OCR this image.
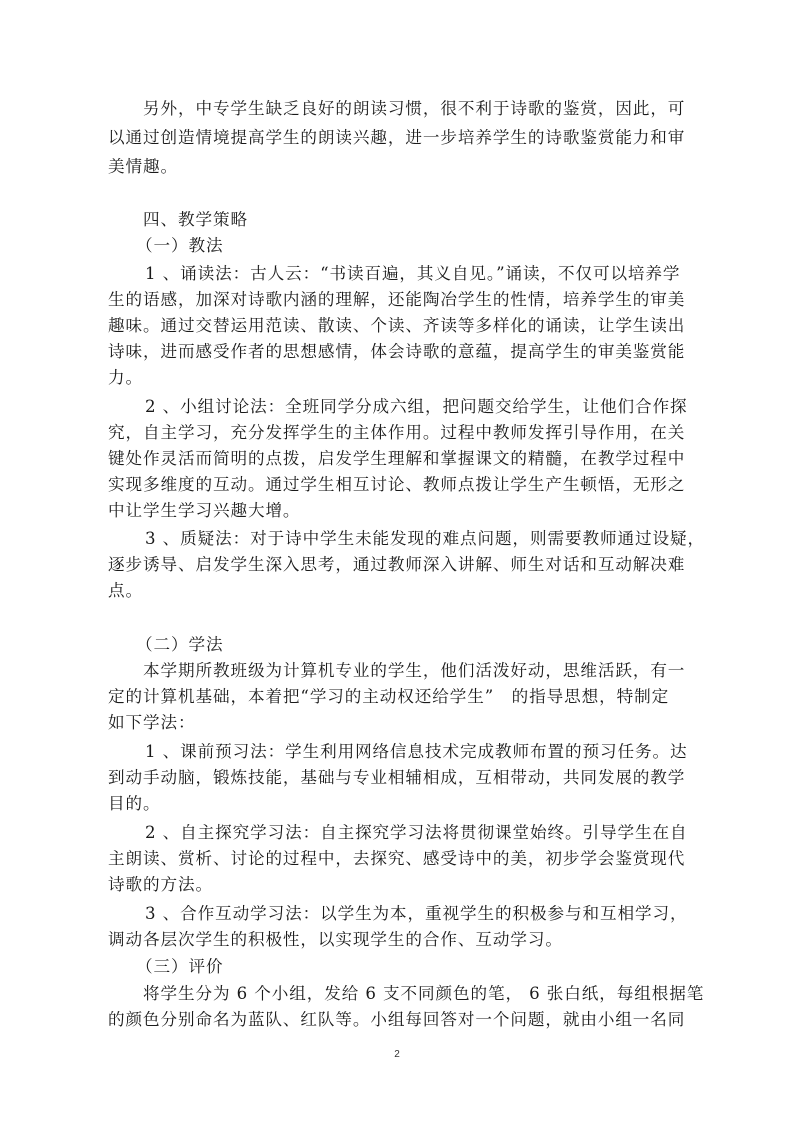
另外，中专学生缺乏良好的朗读习惯，很不利于诗歌的鉴赏，因此，可
以通过创造情境提高学生的朗读兴趣，进一步培养学生的诗歌鉴赏能力和审
美情趣。
四、教学策略
（一）教法
1 、诵读法：古人云：“书读百遍，其义自见。”诵读，不仅可以培养学
生的语感，加深对诗歌内涵的理解，还能陶冶学生的性情，培养学生的审美
趣味。通过交替运用范读、散读、个读、齐读等多样化的诵读，让学生读出
诗味，进而感受作者的思想感情，体会诗歌的意蕴，提高学生的审美鉴赏能
力。
2 、小组讨论法：全班同学分成六组，把问题交给学生，让他们合作探
究，自主学习，充分发挥学生的主体作用。过程中教师发挥引导作用，在关
键处作灵活而简明的点拨，启发学生理解和掌握课文的精髓，在教学过程中
实现多维度的互动。通过学生相互讨论、教师点拨让学生产生顿悟，无形之
中让学生学习兴趣大增。
3 、质疑法：对于诗中学生未能发现的难点问题，则需要教师通过设疑，
逐步诱导、启发学生深入思考，通过教师深入讲解、师生对话和互动解决难
点。
（二）学法
本学期所教班级为计算机专业的学生，他们活泼好动，思维活跃，有一
定的计算机基础，本着把“学习的主动权还给学生”　的指导思想，特制定
如下学法：
1 、课前预习法：学生利用网络信息技术完成教师布置的预习任务。达
到动手动脑，锻炼技能，基础与专业相辅相成，互相带动，共同发展的教学
目的。
2 、自主探究学习法：自主探究学习法将贯彻课堂始终。引导学生在自
主朗读、赏析、讨论的过程中，去探究、感受诗中的美，初步学会鉴赏现代
诗歌的方法。
3 、合作互动学习法：以学生为本，重视学生的积极参与和互相学习，
调动各层次学生的积极性，以实现学生的合作、互动学习。
（三）评价
将学生分为 6 个小组，发给 6 支不同颜色的笔， 6 张白纸，每组根据笔
的颜色分别命名为蓝队、红队等。小组每回答对一个问题，就由小组一名同
2
